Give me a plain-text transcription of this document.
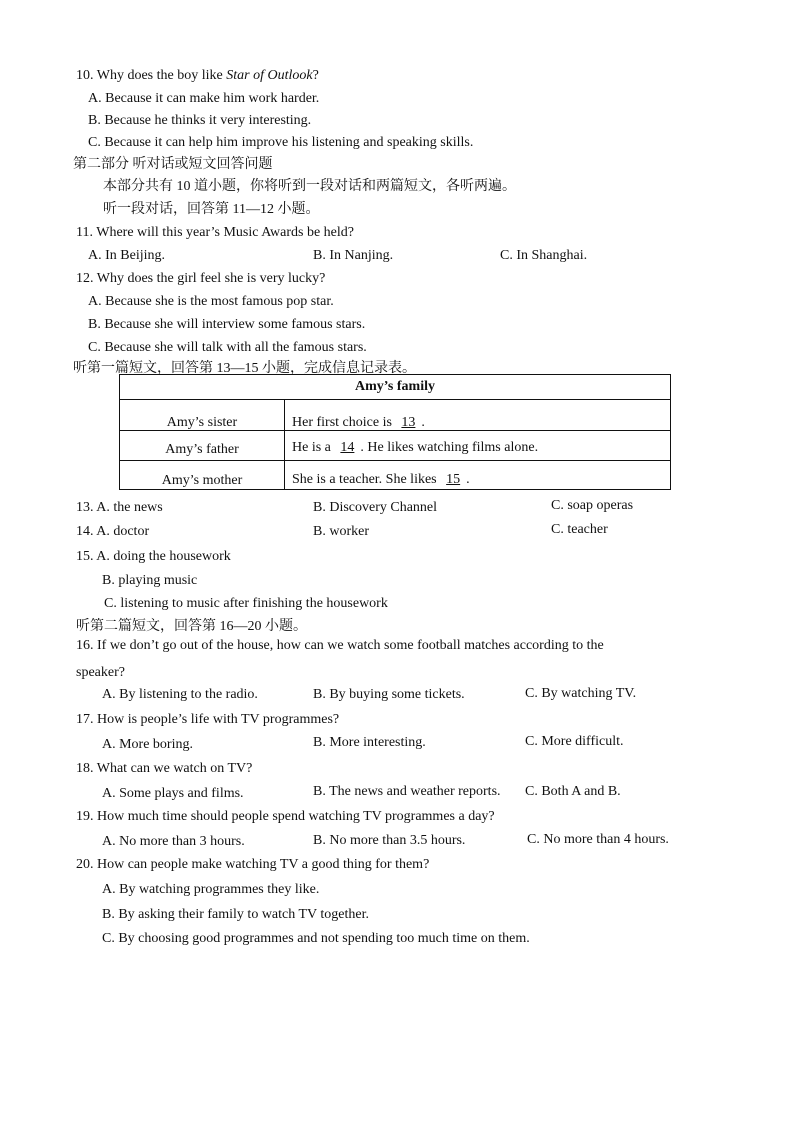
10. Why does the boy like Star of Outlook?
A. Because it can make him work harder.
B. Because he thinks it very interesting.
C. Because it can help him improve his listening and speaking skills.
第二部分 听对话或短文回答问题
本部分共有 10 道小题，你将听到一段对话和两篇短文，各听两遍。
听一段对话，回答第 11—12 小题。
11. Where will this year’s Music Awards be held?
A. In Beijing.	B. In Nanjing.	C. In Shanghai.
12. Why does the girl feel she is very lucky?
A. Because she is the most famous pop star.
B. Because she will interview some famous stars.
C. Because she will talk with all the famous stars.
听第一篇短文，回答第 13—15 小题，完成信息记录表。
Amy’s family
Amy’s sister	Her first choice is 13 .
Amy’s father	He is a 14 . He likes watching films alone.
Amy’s mother	She is a teacher. She likes 15 .
13. A. the news	B. Discovery Channel	C. soap operas
14. A. doctor	B. worker	C. teacher
15. A. doing the housework
B. playing music
C. listening to music after finishing the housework
听第二篇短文，回答第 16—20 小题。
16. If we don’t go out of the house, how can we watch some football matches according to the
speaker?
A. By listening to the radio.	B. By buying some tickets.	C. By watching TV.
17. How is people’s life with TV programmes?
A. More boring.	B. More interesting.	C. More difficult.
18. What can we watch on TV?
A. Some plays and films.	B. The news and weather reports. C. Both A and B.
19. How much time should people spend watching TV programmes a day?
A. No more than 3 hours.	B. No more than 3.5 hours.	C. No more than 4 hours.
20. How can people make watching TV a good thing for them?
A. By watching programmes they like.
B. By asking their family to watch TV together.
C. By choosing good programmes and not spending too much time on them.
